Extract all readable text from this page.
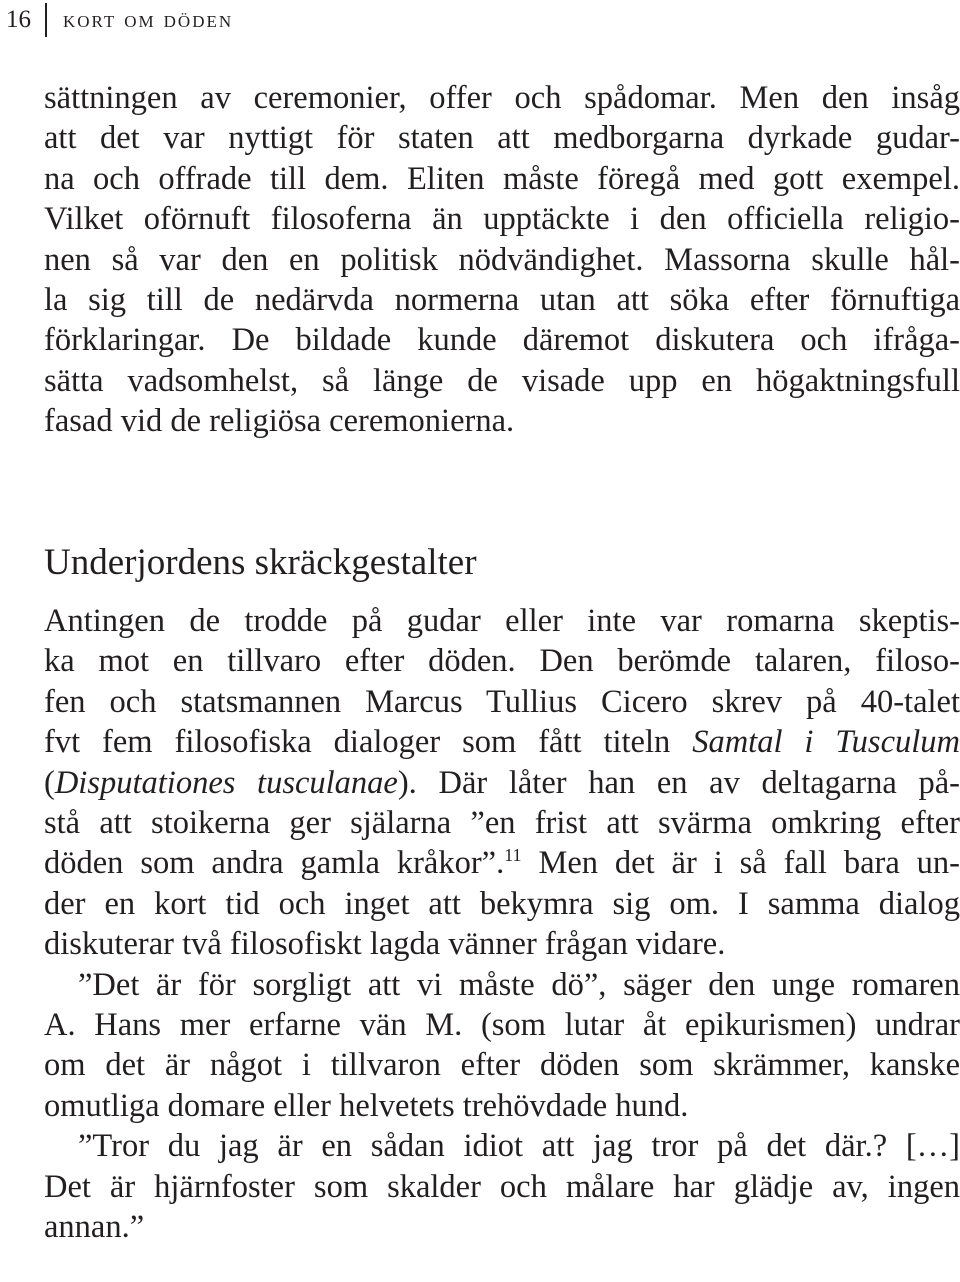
16	kort om döden
sättningen av ceremonier, offer och spådomar. Men den insåg
att det var nyttigt för staten att medborgarna dyrkade gudar-
na och offrade till dem. Eliten måste föregå med gott exempel.
Vilket oförnuft filosoferna än upptäckte i den officiella religio-
nen så var den en politisk nödvändighet. Massorna skulle hål-
la sig till de nedärvda normerna utan att söka efter förnuftiga
förklaringar. De bildade kunde däremot diskutera och ifråga-
sätta vadsomhelst, så länge de visade upp en högaktningsfull
fasad vid de religiösa ceremonierna.
Underjordens skräckgestalter
Antingen de trodde på gudar eller inte var romarna skeptis-
ka mot en tillvaro efter döden. Den berömde talaren, filoso-
fen och statsmannen Marcus Tullius Cicero skrev på 40-talet
fvt fem filosofiska dialoger som fått titeln Samtal i Tusculum
(Disputationes tusculanae). Där låter han en av deltagarna på-
stå att stoikerna ger själarna ”en frist att svärma omkring efter
döden som andra gamla kråkor”.$^{11}$ Men det är i så fall bara un-
der en kort tid och inget att bekymra sig om. I samma dialog
diskuterar två filosofiskt lagda vänner frågan vidare.
”Det är för sorgligt att vi måste dö”, säger den unge romaren
A. Hans mer erfarne vän M. (som lutar åt epikurismen) undrar
om det är något i tillvaron efter döden som skrämmer, kanske
omutliga domare eller helvetets trehövdade hund.
”Tror du jag är en sådan idiot att jag tror på det där.? […]
Det är hjärnfoster som skalder och målare har glädje av, ingen
annan.”
